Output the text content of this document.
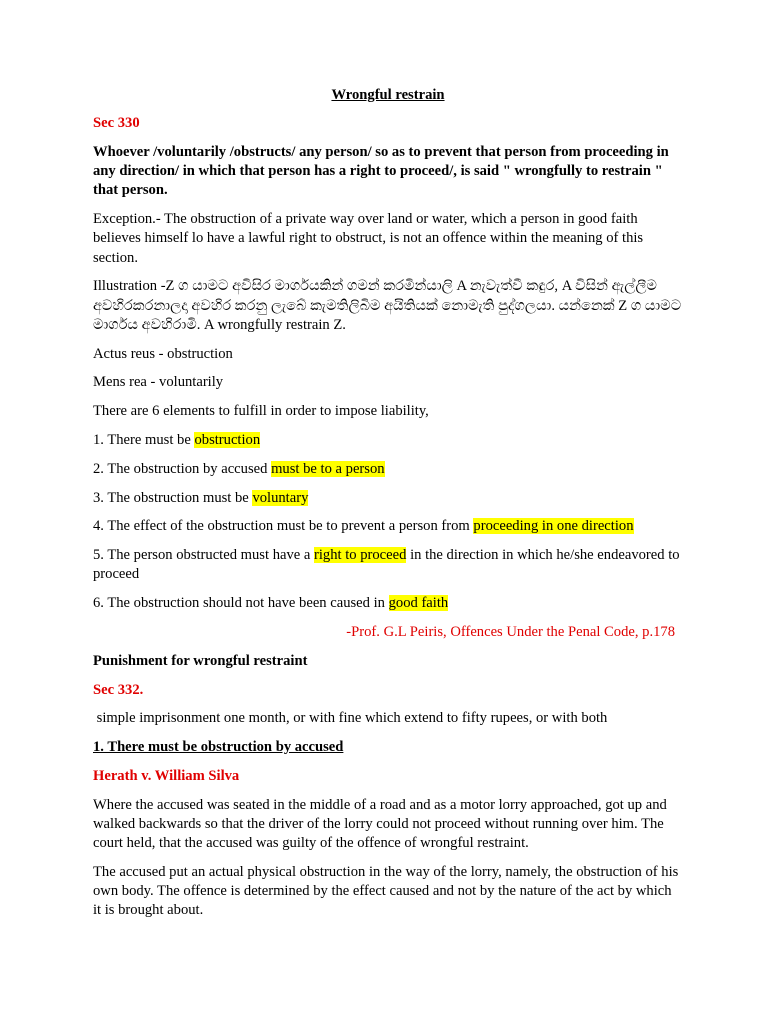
Wrongful restrain

Sec 330

Whoever /voluntarily /obstructs/ any person/ so as to prevent that person from proceeding in any direction/ in which that person has a right to proceed/, is said " wrongfully to restrain " that person.

Exception.- The obstruction of a private way over land or water, which a person in good faith believes himself lo have a lawful right to obstruct, is not an offence within the meaning of this section.

Illustration -Z ග යාමට අවිසිර මාර්ගයකින් ගමන් කරමින්යාලි A නැවැත්වී කඳුර, A විසින් ඇල්ලීම අවහිරකරනාලදා අවහිර කරනු ලැබේ කැමතිලිබිම අයිතියක් නොමැති පුද්ගලයා. යන්නෙක් Z ග යාමට මාර්ගය අවහිරාමි. A wrongfully restrain Z.

Actus reus - obstruction

Mens rea - voluntarily

There are 6 elements to fulfill in order to impose liability,

1. There must be obstruction

2. The obstruction by accused must be to a person

3. The obstruction must be voluntary

4. The effect of the obstruction must be to prevent a person from proceeding in one direction

5. The person obstructed must have a right to proceed in the direction in which he/she endeavored to proceed

6. The obstruction should not have been caused in good faith

-Prof. G.L Peiris, Offences Under the Penal Code, p.178

Punishment for wrongful restraint

Sec 332.

simple imprisonment one month, or with fine which extend to fifty rupees, or with both

1. There must be obstruction by accused

Herath v. William Silva

Where the accused was seated in the middle of a road and as a motor lorry approached, got up and walked backwards so that the driver of the lorry could not proceed without running over him. The court held, that the accused was guilty of the offence of wrongful restraint.

The accused put an actual physical obstruction in the way of the lorry, namely, the obstruction of his own body. The offence is determined by the effect caused and not by the nature of the act by which it is brought about.
